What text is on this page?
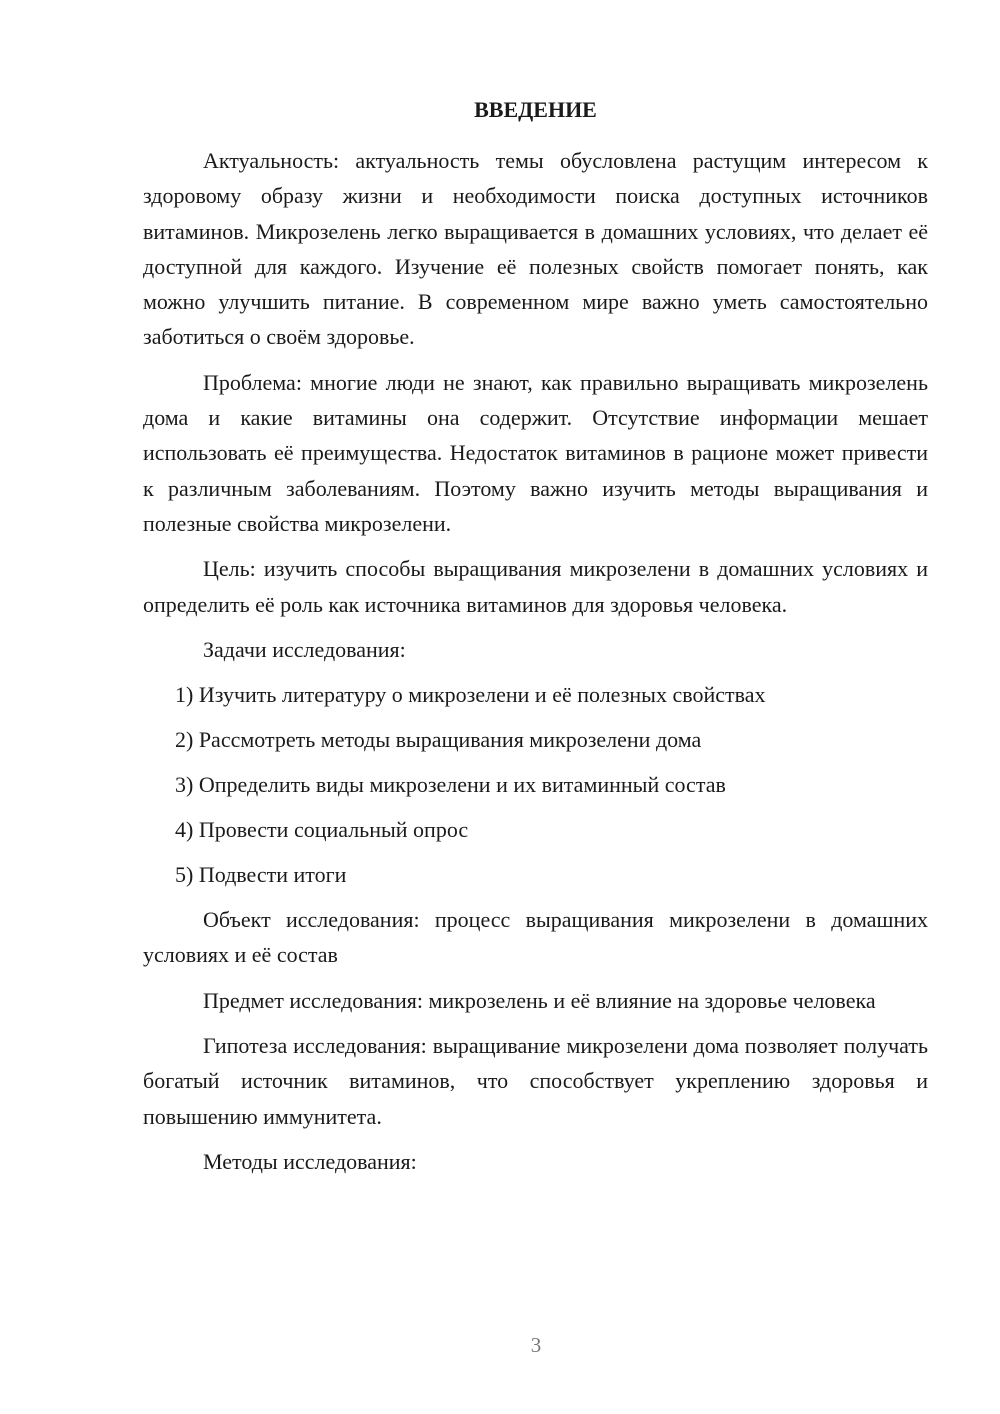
ВВЕДЕНИЕ

Актуальность: актуальность темы обусловлена растущим интересом к здоровому образу жизни и необходимости поиска доступных источников витаминов. Микрозелень легко выращивается в домашних условиях, что делает её доступной для каждого. Изучение её полезных свойств помогает понять, как можно улучшить питание. В современном мире важно уметь самостоятельно заботиться о своём здоровье.

Проблема: многие люди не знают, как правильно выращивать микрозелень дома и какие витамины она содержит. Отсутствие информации мешает использовать её преимущества. Недостаток витаминов в рационе может привести к различным заболеваниям. Поэтому важно изучить методы выращивания и полезные свойства микрозелени.

Цель: изучить способы выращивания микрозелени в домашних условиях и определить её роль как источника витаминов для здоровья человека.

Задачи исследования:

1) Изучить литературу о микрозелени и её полезных свойствах

2) Рассмотреть методы выращивания микрозелени дома

3) Определить виды микрозелени и их витаминный состав

4) Провести социальный опрос

5) Подвести итоги

Объект исследования: процесс выращивания микрозелени в домашних условиях и её состав

Предмет исследования: микрозелень и её влияние на здоровье человека

Гипотеза исследования: выращивание микрозелени дома позволяет получать богатый источник витаминов, что способствует укреплению здоровья и повышению иммунитета.

Методы исследования:

3
